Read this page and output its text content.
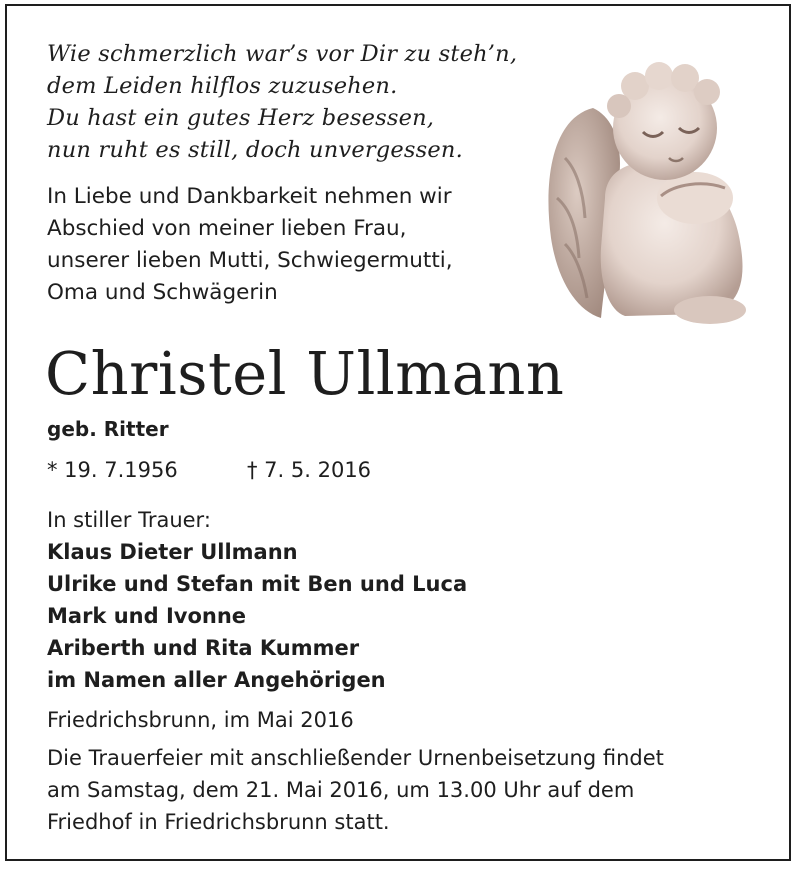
Wie schmerzlich war’s vor Dir zu steh’n,
dem Leiden hilflos zuzusehen.
Du hast ein gutes Herz besessen,
nun ruht es still, doch unvergessen.
In Liebe und Dankbarkeit nehmen wir
Abschied von meiner lieben Frau,
unserer lieben Mutti, Schwiegermutti,
Oma und Schwägerin
Christel Ullmann
geb. Ritter
* 19. 7.1956	† 7. 5. 2016
In stiller Trauer:
Klaus Dieter Ullmann
Ulrike und Stefan mit Ben und Luca
Mark und Ivonne
Ariberth und Rita Kummer
im Namen aller Angehörigen
Friedrichsbrunn, im Mai 2016
Die Trauerfeier mit anschließender Urnenbeisetzung findet
am Samstag, dem 21. Mai 2016, um 13.00 Uhr auf dem
Friedhof in Friedrichsbrunn statt.
